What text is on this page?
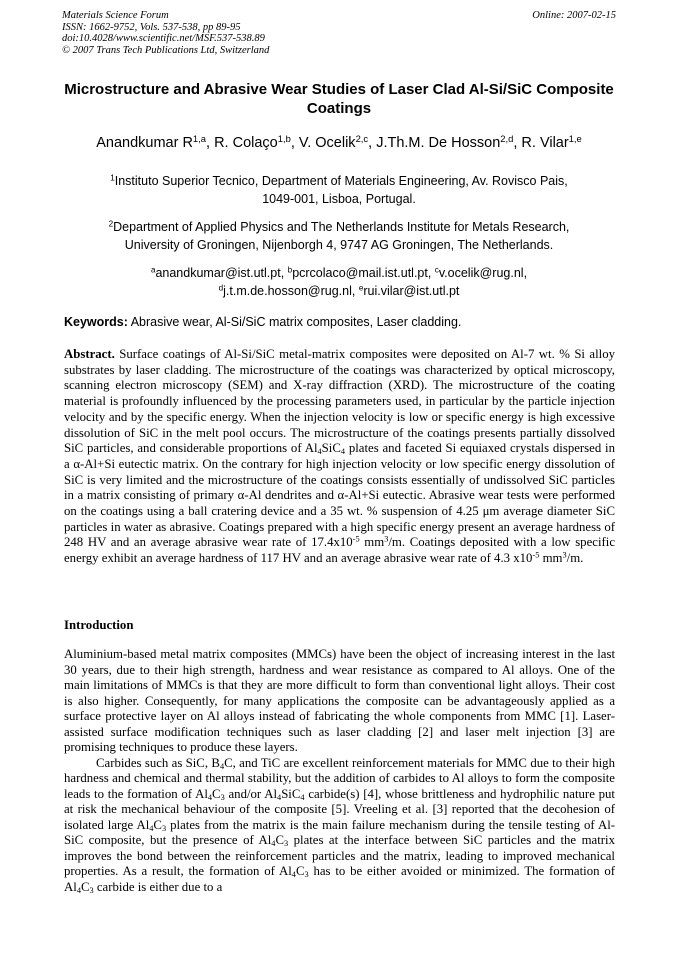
Materials Science Forum
ISSN: 1662-9752, Vols. 537-538, pp 89-95
doi:10.4028/www.scientific.net/MSF.537-538.89
© 2007 Trans Tech Publications Ltd, Switzerland
Online: 2007-02-15
Microstructure and Abrasive Wear Studies of Laser Clad Al-Si/SiC Composite Coatings
Anandkumar R$^{1,a}$, R. Colaço$^{1,b}$, V. Ocelik$^{2,c}$, J.Th.M. De Hosson$^{2,d}$, R. Vilar$^{1,e}$
$^1$Instituto Superior Tecnico, Department of Materials Engineering, Av. Rovisco Pais,
1049-001, Lisboa, Portugal.
$^2$Department of Applied Physics and The Netherlands Institute for Metals Research,
University of Groningen, Nijenborgh 4, 9747 AG Groningen, The Netherlands.
$^a$anandkumar@ist.utl.pt, $^b$pcrcolaco@mail.ist.utl.pt, $^c$v.ocelik@rug.nl,
$^d$j.t.m.de.hosson@rug.nl, $^e$rui.vilar@ist.utl.pt
Keywords: Abrasive wear, Al-Si/SiC matrix composites, Laser cladding.

Abstract. Surface coatings of Al-Si/SiC metal-matrix composites were deposited on Al-7 wt. % Si alloy substrates by laser cladding. The microstructure of the coatings was characterized by optical microscopy, scanning electron microscopy (SEM) and X-ray diffraction (XRD). The microstructure of the coating material is profoundly influenced by the processing parameters used, in particular by the particle injection velocity and by the specific energy. When the injection velocity is low or specific energy is high excessive dissolution of SiC in the melt pool occurs. The microstructure of the coatings presents partially dissolved SiC particles, and considerable proportions of $Al_4SiC_4$ plates and faceted Si equiaxed crystals dispersed in a α-Al+Si eutectic matrix. On the contrary for high injection velocity or low specific energy dissolution of SiC is very limited and the microstructure of the coatings consists essentially of undissolved SiC particles in a matrix consisting of primary α-Al dendrites and α-Al+Si eutectic. Abrasive wear tests were performed on the coatings using a ball cratering device and a 35 wt. % suspension of 4.25 μm average diameter SiC particles in water as abrasive. Coatings prepared with a high specific energy present an average hardness of 248 HV and an average abrasive wear rate of $17.4x10^{-5}$ $mm^3/m$. Coatings deposited with a low specific energy exhibit an average hardness of 117 HV and an average abrasive wear rate of 4.3 $x10^{-5}$ $mm^3/m$.

Introduction

Aluminium-based metal matrix composites (MMCs) have been the object of increasing interest in the last 30 years, due to their high strength, hardness and wear resistance as compared to Al alloys. One of the main limitations of MMCs is that they are more difficult to form than conventional light alloys. Their cost is also higher. Consequently, for many applications the composite can be advantageously applied as a surface protective layer on Al alloys instead of fabricating the whole components from MMC [1]. Laser-assisted surface modification techniques such as laser cladding [2] and laser melt injection [3] are promising techniques to produce these layers.

Carbides such as SiC, $B_4C$, and TiC are excellent reinforcement materials for MMC due to their high hardness and chemical and thermal stability, but the addition of carbides to Al alloys to form the composite leads to the formation of $Al_4C_3$ and/or $Al_4SiC_4$ carbide(s) [4], whose brittleness and hydrophilic nature put at risk the mechanical behaviour of the composite [5]. Vreeling et al. [3] reported that the decohesion of isolated large $Al_4C_3$ plates from the matrix is the main failure mechanism during the tensile testing of Al-SiC composite, but the presence of $Al_4C_3$ plates at the interface between SiC particles and the matrix improves the bond between the reinforcement particles and the matrix, leading to improved mechanical properties. As a result, the formation of $Al_4C_3$ has to be either avoided or minimized. The formation of $Al_4C_3$ carbide is either due to a
